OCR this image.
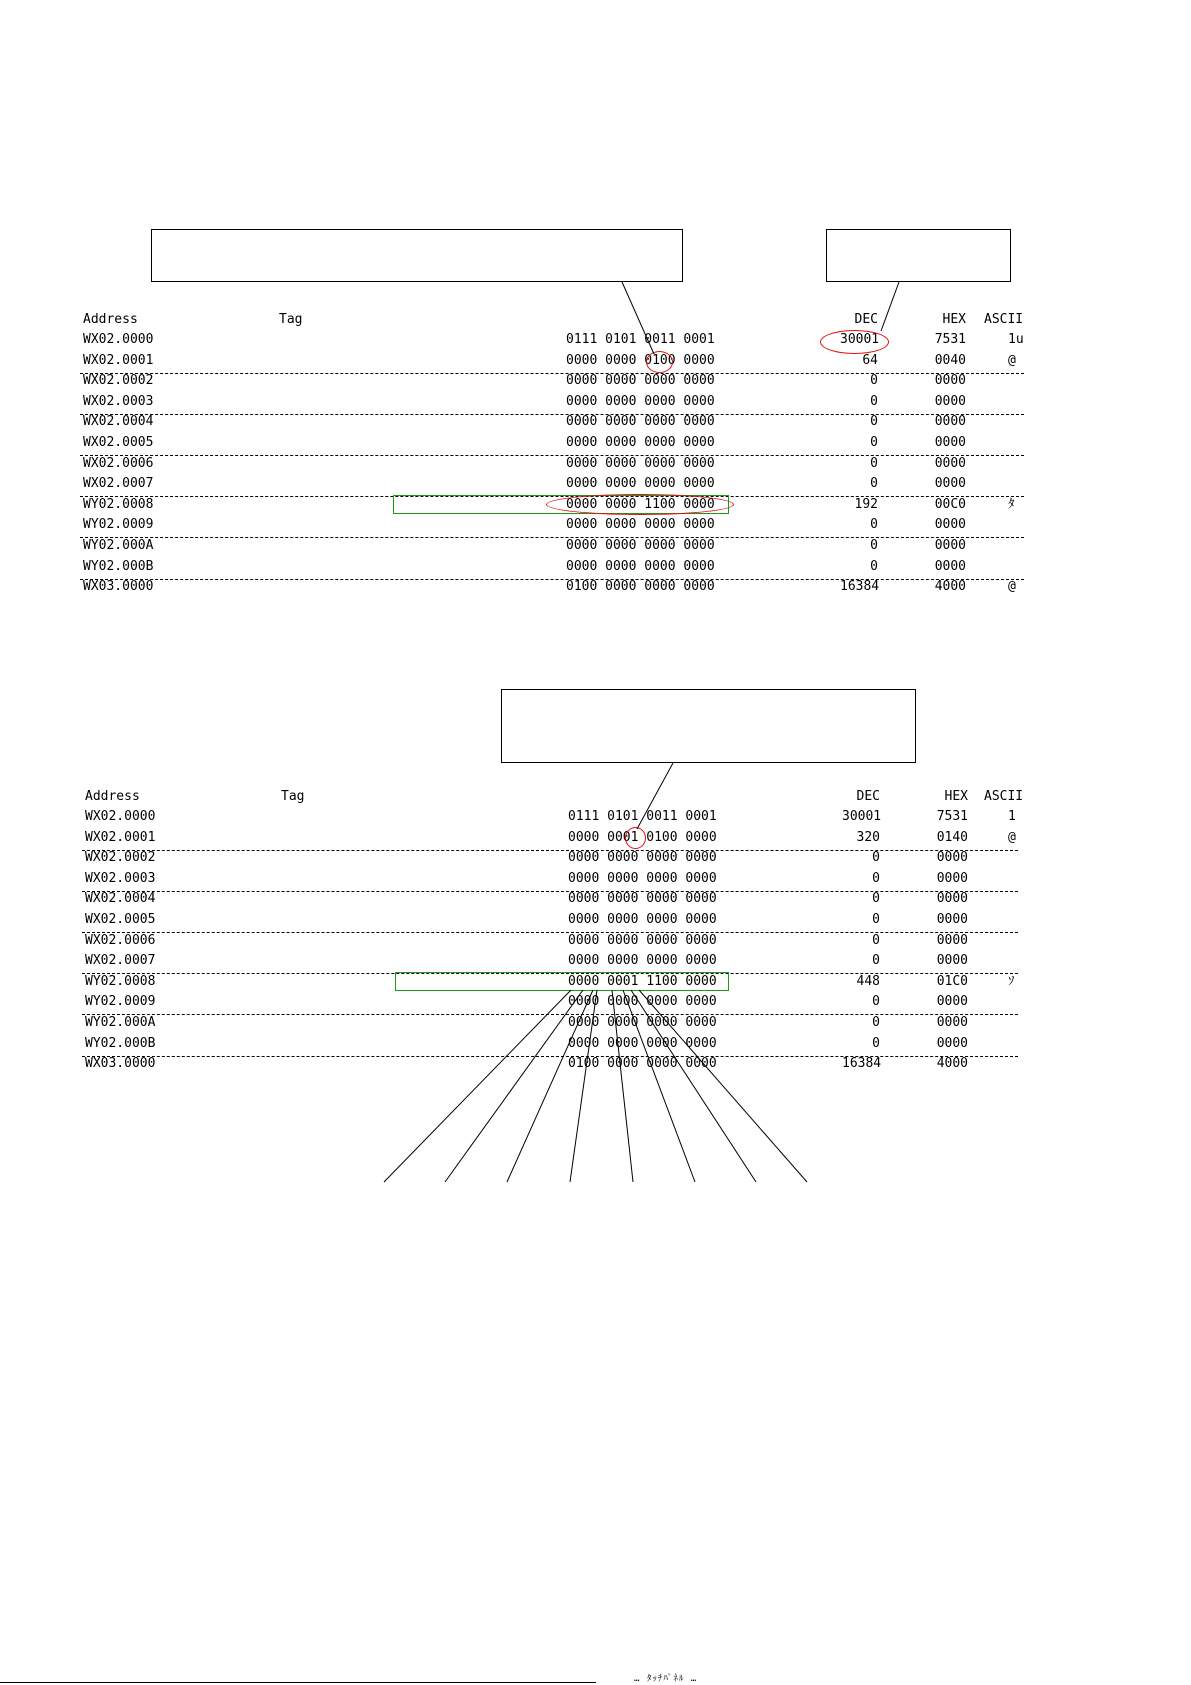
Address	Tag	DEC	HEX ASCII
WX02.0000	0111 0101 0011 0001	30001	7531	1u
WX02.0001	0000 0000 0100 0000	64	0040	@
WX02.0002	0000 0000 0000 0000	0	0000
WX02.0003	0000 0000 0000 0000	0	0000
WX02.0004	0000 0000 0000 0000	0	0000
WX02.0005	0000 0000 0000 0000	0	0000
WX02.0006	0000 0000 0000 0000	0	0000
WX02.0007	0000 0000 0000 0000	0	0000
WY02.0008	0000 0000 1100 0000	192	00C0	ﾀ
WY02.0009	0000 0000 0000 0000	0	0000
WY02.000A	0000 0000 0000 0000	0	0000
WY02.000B	0000 0000 0000 0000	0	0000
WX03.0000	0100 0000 0000 0000	16384	4000	@
Address	Tag	DEC	HEX ASCII
WX02.0000	0111 0101 0011 0001	30001	7531	1
WX02.0001	0000 0001 0100 0000	320	0140	@
WX02.0002	0000 0000 0000 0000	0	0000
WX02.0003	0000 0000 0000 0000	0	0000
WX02.0004	0000 0000 0000 0000	0	0000
WX02.0005	0000 0000 0000 0000	0	0000
WX02.0006	0000 0000 0000 0000	0	0000
WX02.0007	0000 0000 0000 0000	0	0000
WY02.0008	0000 0001 1100 0000	448	01C0	ｿ
WY02.0009	0000 0000 0000 0000	0	0000
WY02.000A	0000 0000 0000 0000	0	0000
WY02.000B	0000 0000 0000 0000	0	0000
WX03.0000	0100 0000 0000 0000	16384	4000
… ﾀｯﾁﾊﾟﾈﾙ …
